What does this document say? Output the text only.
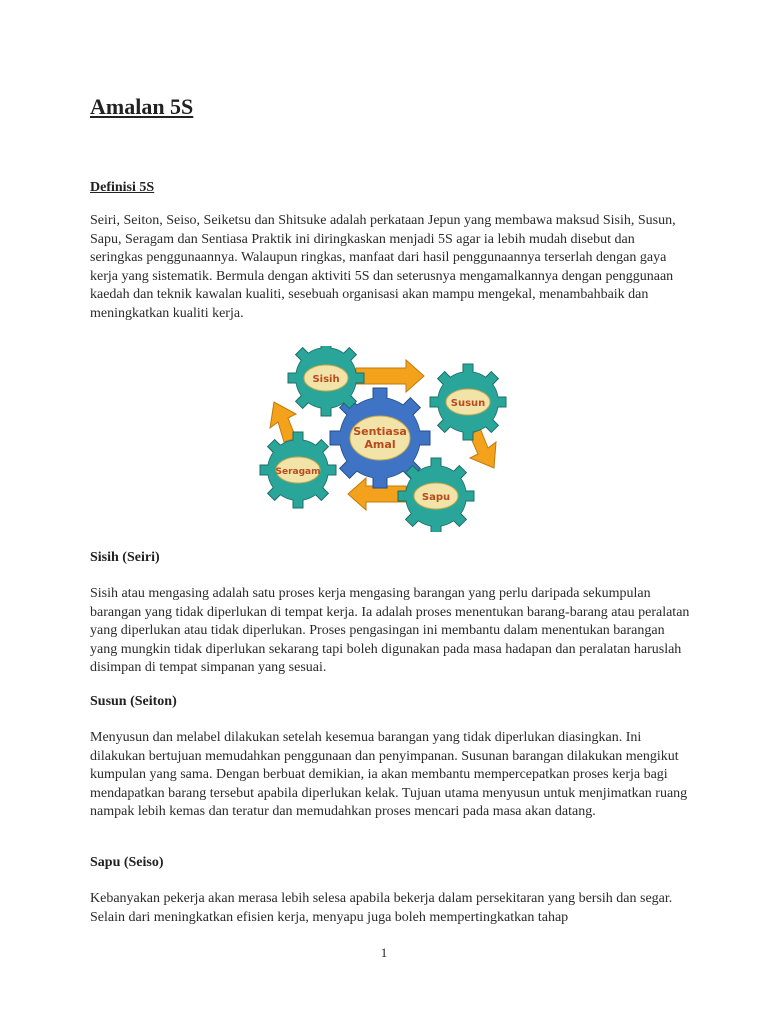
Amalan 5S
Definisi 5S

Seiri, Seiton, Seiso, Seiketsu dan Shitsuke adalah perkataan Jepun yang membawa maksud Sisih, Susun, Sapu, Seragam dan Sentiasa Praktik ini diringkaskan menjadi 5S agar ia lebih mudah disebut dan seringkas penggunaannya. Walaupun ringkas, manfaat dari hasil penggunaannya terserlah dengan gaya kerja yang sistematik. Bermula dengan aktiviti 5S dan seterusnya mengamalkannya dengan penggunaan kaedah dan teknik kawalan kualiti, sesebuah organisasi akan mampu mengekal, menambahbaik dan meningkatkan kualiti kerja.

Sentiasa
Amal
Sisih
Susun
Sapu
Seragam
Sisih (Seiri)

Sisih atau mengasing adalah satu proses kerja mengasing barangan yang perlu daripada sekumpulan barangan yang tidak diperlukan di tempat kerja. Ia adalah proses menentukan barang-barang atau peralatan yang diperlukan atau tidak diperlukan. Proses pengasingan ini membantu dalam menentukan barangan yang mungkin tidak diperlukan sekarang tapi boleh digunakan pada masa hadapan dan peralatan haruslah disimpan di tempat simpanan yang sesuai.

Susun (Seiton)

Menyusun dan melabel dilakukan setelah kesemua barangan yang tidak diperlukan diasingkan. Ini dilakukan bertujuan memudahkan penggunaan dan penyimpanan. Susunan barangan dilakukan mengikut kumpulan yang sama. Dengan berbuat demikian, ia akan membantu mempercepatkan proses kerja bagi mendapatkan barang tersebut apabila diperlukan kelak. Tujuan utama menyusun untuk menjimatkan ruang nampak lebih kemas dan teratur dan memudahkan proses mencari pada masa akan datang.

Sapu (Seiso)

Kebanyakan pekerja akan merasa lebih selesa apabila bekerja dalam persekitaran yang bersih dan segar. Selain dari meningkatkan efisien kerja, menyapu juga boleh mempertingkatkan tahap

1
